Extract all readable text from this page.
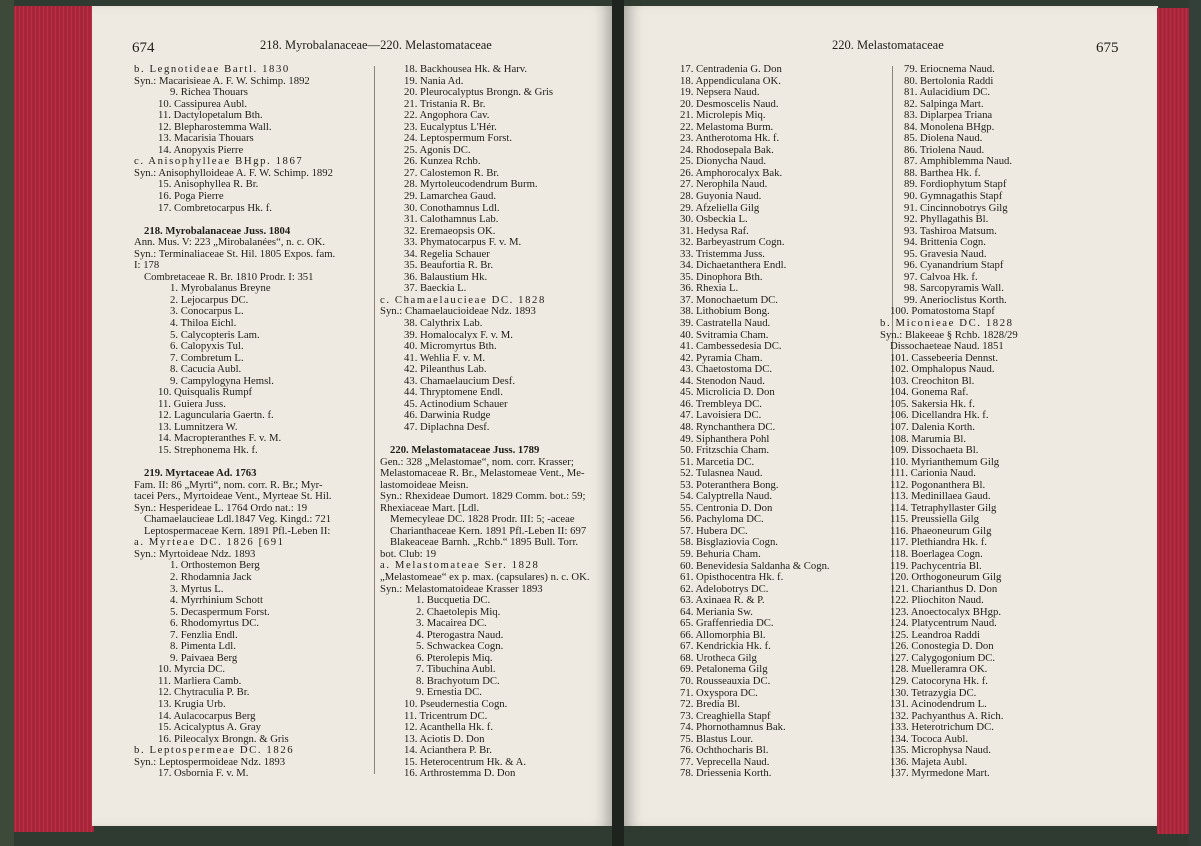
674	218. Myrobalanaceae—220. Melastomataceae
b. Legnotideae Bartl. 1830
Syn.: Macarisieae A. F. W. Schimp. 1892
9. Richea Thouars
10. Cassipurea Aubl.
11. Dactylopetalum Bth.
12. Blepharostemma Wall.
13. Macarisia Thouars
14. Anopyxis Pierre
c. Anisophylleae BHgp. 1867
Syn.: Anisophylloideae A. F. W. Schimp. 1892
15. Anisophyllea R. Br.
16. Poga Pierre
17. Combretocarpus Hk. f.
218. Myrobalanaceae Juss. 1804
Ann. Mus. V: 223 „Mirobalanées“, n. c. OK.
Syn.: Terminaliaceae St. Hil. 1805 Expos. fam.
I: 178
Combretaceae R. Br. 1810 Prodr. I: 351
1. Myrobalanus Breyne
2. Lejocarpus DC.
3. Conocarpus L.
4. Thiloa Eichl.
5. Calycopteris Lam.
6. Calopyxis Tul.
7. Combretum L.
8. Cacucia Aubl.
9. Campylogyna Hemsl.
10. Quisqualis Rumpf
11. Guiera Juss.
12. Laguncularia Gaertn. f.
13. Lumnitzera W.
14. Macropteranthes F. v. M.
15. Strephonema Hk. f.
219. Myrtaceae Ad. 1763
Fam. II: 86 „Myrti“, nom. corr. R. Br.; Myr-
tacei Pers., Myrtoideae Vent., Myrteae St. Hil.
Syn.: Hesperideae L. 1764 Ordo nat.: 19
Chamaelaucieae Ldl.1847 Veg. Kingd.: 721
Leptospermaceae Kern. 1891 Pfl.-Leben II:
a. Myrteae DC. 1826 [691
Syn.: Myrtoideae Ndz. 1893
1. Orthostemon Berg
2. Rhodamnia Jack
3. Myrtus L.
4. Myrrhinium Schott
5. Decaspermum Forst.
6. Rhodomyrtus DC.
7. Fenzlia Endl.
8. Pimenta Ldl.
9. Paivaea Berg
10. Myrcia DC.
11. Marliera Camb.
12. Chytraculia P. Br.
13. Krugia Urb.
14. Aulacocarpus Berg
15. Acicalyptus A. Gray
16. Pileocalyx Brongn. & Gris
b. Leptospermeae DC. 1826
Syn.: Leptospermoideae Ndz. 1893
17. Osbornia F. v. M.
18. Backhousea Hk. & Harv.
19. Nania Ad.
20. Pleurocalyptus Brongn. & Gris
21. Tristania R. Br.
22. Angophora Cav.
23. Eucalyptus L'Hér.
24. Leptospermum Forst.
25. Agonis DC.
26. Kunzea Rchb.
27. Calostemon R. Br.
28. Myrtoleucodendrum Burm.
29. Lamarchea Gaud.
30. Conothamnus Ldl.
31. Calothamnus Lab.
32. Eremaeopsis OK.
33. Phymatocarpus F. v. M.
34. Regelia Schauer
35. Beaufortia R. Br.
36. Balaustium Hk.
37. Baeckia L.
c. Chamaelaucieae DC. 1828
Syn.: Chamaelaucioideae Ndz. 1893
38. Calythrix Lab.
39. Homalocalyx F. v. M.
40. Micromyrtus Bth.
41. Wehlia F. v. M.
42. Pileanthus Lab.
43. Chamaelaucium Desf.
44. Thryptomene Endl.
45. Actinodium Schauer
46. Darwinia Rudge
47. Diplachna Desf.
220. Melastomataceae Juss. 1789
Gen.: 328 „Melastomae“, nom. corr. Krasser;
Melastomaceae R. Br., Melastomeae Vent., Me-
lastomoideae Meisn.
Syn.: Rhexideae Dumort. 1829 Comm. bot.: 59;
Rhexiaceae Mart. [Ldl.
Memecyleae DC. 1828 Prodr. III: 5; -aceae
Charianthaceae Kern. 1891 Pfl.-Leben II: 697
Blakeaceae Barnh. „Rchb.“ 1895 Bull. Torr.
bot. Club: 19
a. Melastomateae Ser. 1828
„Melastomeae“ ex p. max. (capsulares) n. c. OK.
Syn.: Melastomatoideae Krasser 1893
1. Bucquetia DC.
2. Chaetolepis Miq.
3. Macairea DC.
4. Pterogastra Naud.
5. Schwackea Cogn.
6. Pterolepis Miq.
7. Tibuchina Aubl.
8. Brachyotum DC.
9. Ernestia DC.
10. Pseudernestia Cogn.
11. Tricentrum DC.
12. Acanthella Hk. f.
13. Aciotis D. Don
14. Acianthera P. Br.
15. Heterocentrum Hk. & A.
16. Arthrostemma D. Don
220. Melastomataceae	675
17. Centradenia G. Don
18. Appendiculana OK.
19. Nepsera Naud.
20. Desmoscelis Naud.
21. Microlepis Miq.
22. Melastoma Burm.
23. Antherotoma Hk. f.
24. Rhodosepala Bak.
25. Dionycha Naud.
26. Amphorocalyx Bak.
27. Nerophila Naud.
28. Guyonia Naud.
29. Afzeliella Gilg
30. Osbeckia L.
31. Hedysa Raf.
32. Barbeyastrum Cogn.
33. Tristemma Juss.
34. Dichaetanthera Endl.
35. Dinophora Bth.
36. Rhexia L.
37. Monochaetum DC.
38. Lithobium Bong.
39. Castratella Naud.
40. Svitramia Cham.
41. Cambessedesia DC.
42. Pyramia Cham.
43. Chaetostoma DC.
44. Stenodon Naud.
45. Microlicia D. Don
46. Trembleya DC.
47. Lavoisiera DC.
48. Rynchanthera DC.
49. Siphanthera Pohl
50. Fritzschia Cham.
51. Marcetia DC.
52. Tulasnea Naud.
53. Poteranthera Bong.
54. Calyptrella Naud.
55. Centronia D. Don
56. Pachyloma DC.
57. Hubera DC.
58. Bisglaziovia Cogn.
59. Behuria Cham.
60. Benevidesia Saldanha & Cogn.
61. Opisthocentra Hk. f.
62. Adelobotrys DC.
63. Axinaea R. & P.
64. Meriania Sw.
65. Graffenriedia DC.
66. Allomorphia Bl.
67. Kendrickia Hk. f.
68. Urotheca Gilg
69. Petalonema Gilg
70. Rousseauxia DC.
71. Oxyspora DC.
72. Bredia Bl.
73. Creaghiella Stapf
74. Phornothamnus Bak.
75. Blastus Lour.
76. Ochthocharis Bl.
77. Veprecella Naud.
78. Driessenia Korth.
79. Eriocnema Naud.
80. Bertolonia Raddi
81. Aulacidium DC.
82. Salpinga Mart.
83. Diplarpea Triana
84. Monolena BHgp.
85. Diolena Naud.
86. Triolena Naud.
87. Amphiblemma Naud.
88. Barthea Hk. f.
89. Fordiophytum Stapf
90. Gymnagathis Stapf
91. Cincinnobotrys Gilg
92. Phyllagathis Bl.
93. Tashiroa Matsum.
94. Brittenia Cogn.
95. Gravesia Naud.
96. Cyanandrium Stapf
97. Calvoa Hk. f.
98. Sarcopyramis Wall.
99. Anerioclistus Korth.
100. Pomatostoma Stapf
b. Miconieae DC. 1828
Syn.: Blakeeae § Rchb. 1828/29
Dissochaeteae Naud. 1851
101. Cassebeeria Dennst.
102. Omphalopus Naud.
103. Creochiton Bl.
104. Gonema Raf.
105. Sakersia Hk. f.
106. Dicellandra Hk. f.
107. Dalenia Korth.
108. Marumia Bl.
109. Dissochaeta Bl.
110. Myrianthemum Gilg
111. Carionia Naud.
112. Pogonanthera Bl.
113. Medinillaea Gaud.
114. Tetraphyllaster Gilg
115. Preussiella Gilg
116. Phaeoneurum Gilg
117. Plethiandra Hk. f.
118. Boerlagea Cogn.
119. Pachycentria Bl.
120. Orthogoneurum Gilg
121. Charianthus D. Don
122. Pliochiton Naud.
123. Anoectocalyx BHgp.
124. Platycentrum Naud.
125. Leandroa Raddi
126. Conostegia D. Don
127. Calygogonium DC.
128. Muelleramra OK.
129. Catocoryna Hk. f.
130. Tetrazygia DC.
131. Acinodendrum L.
132. Pachyanthus A. Rich.
133. Heterotrichum DC.
134. Tococa Aubl.
135. Microphysa Naud.
136. Majeta Aubl.
137. Myrmedone Mart.
